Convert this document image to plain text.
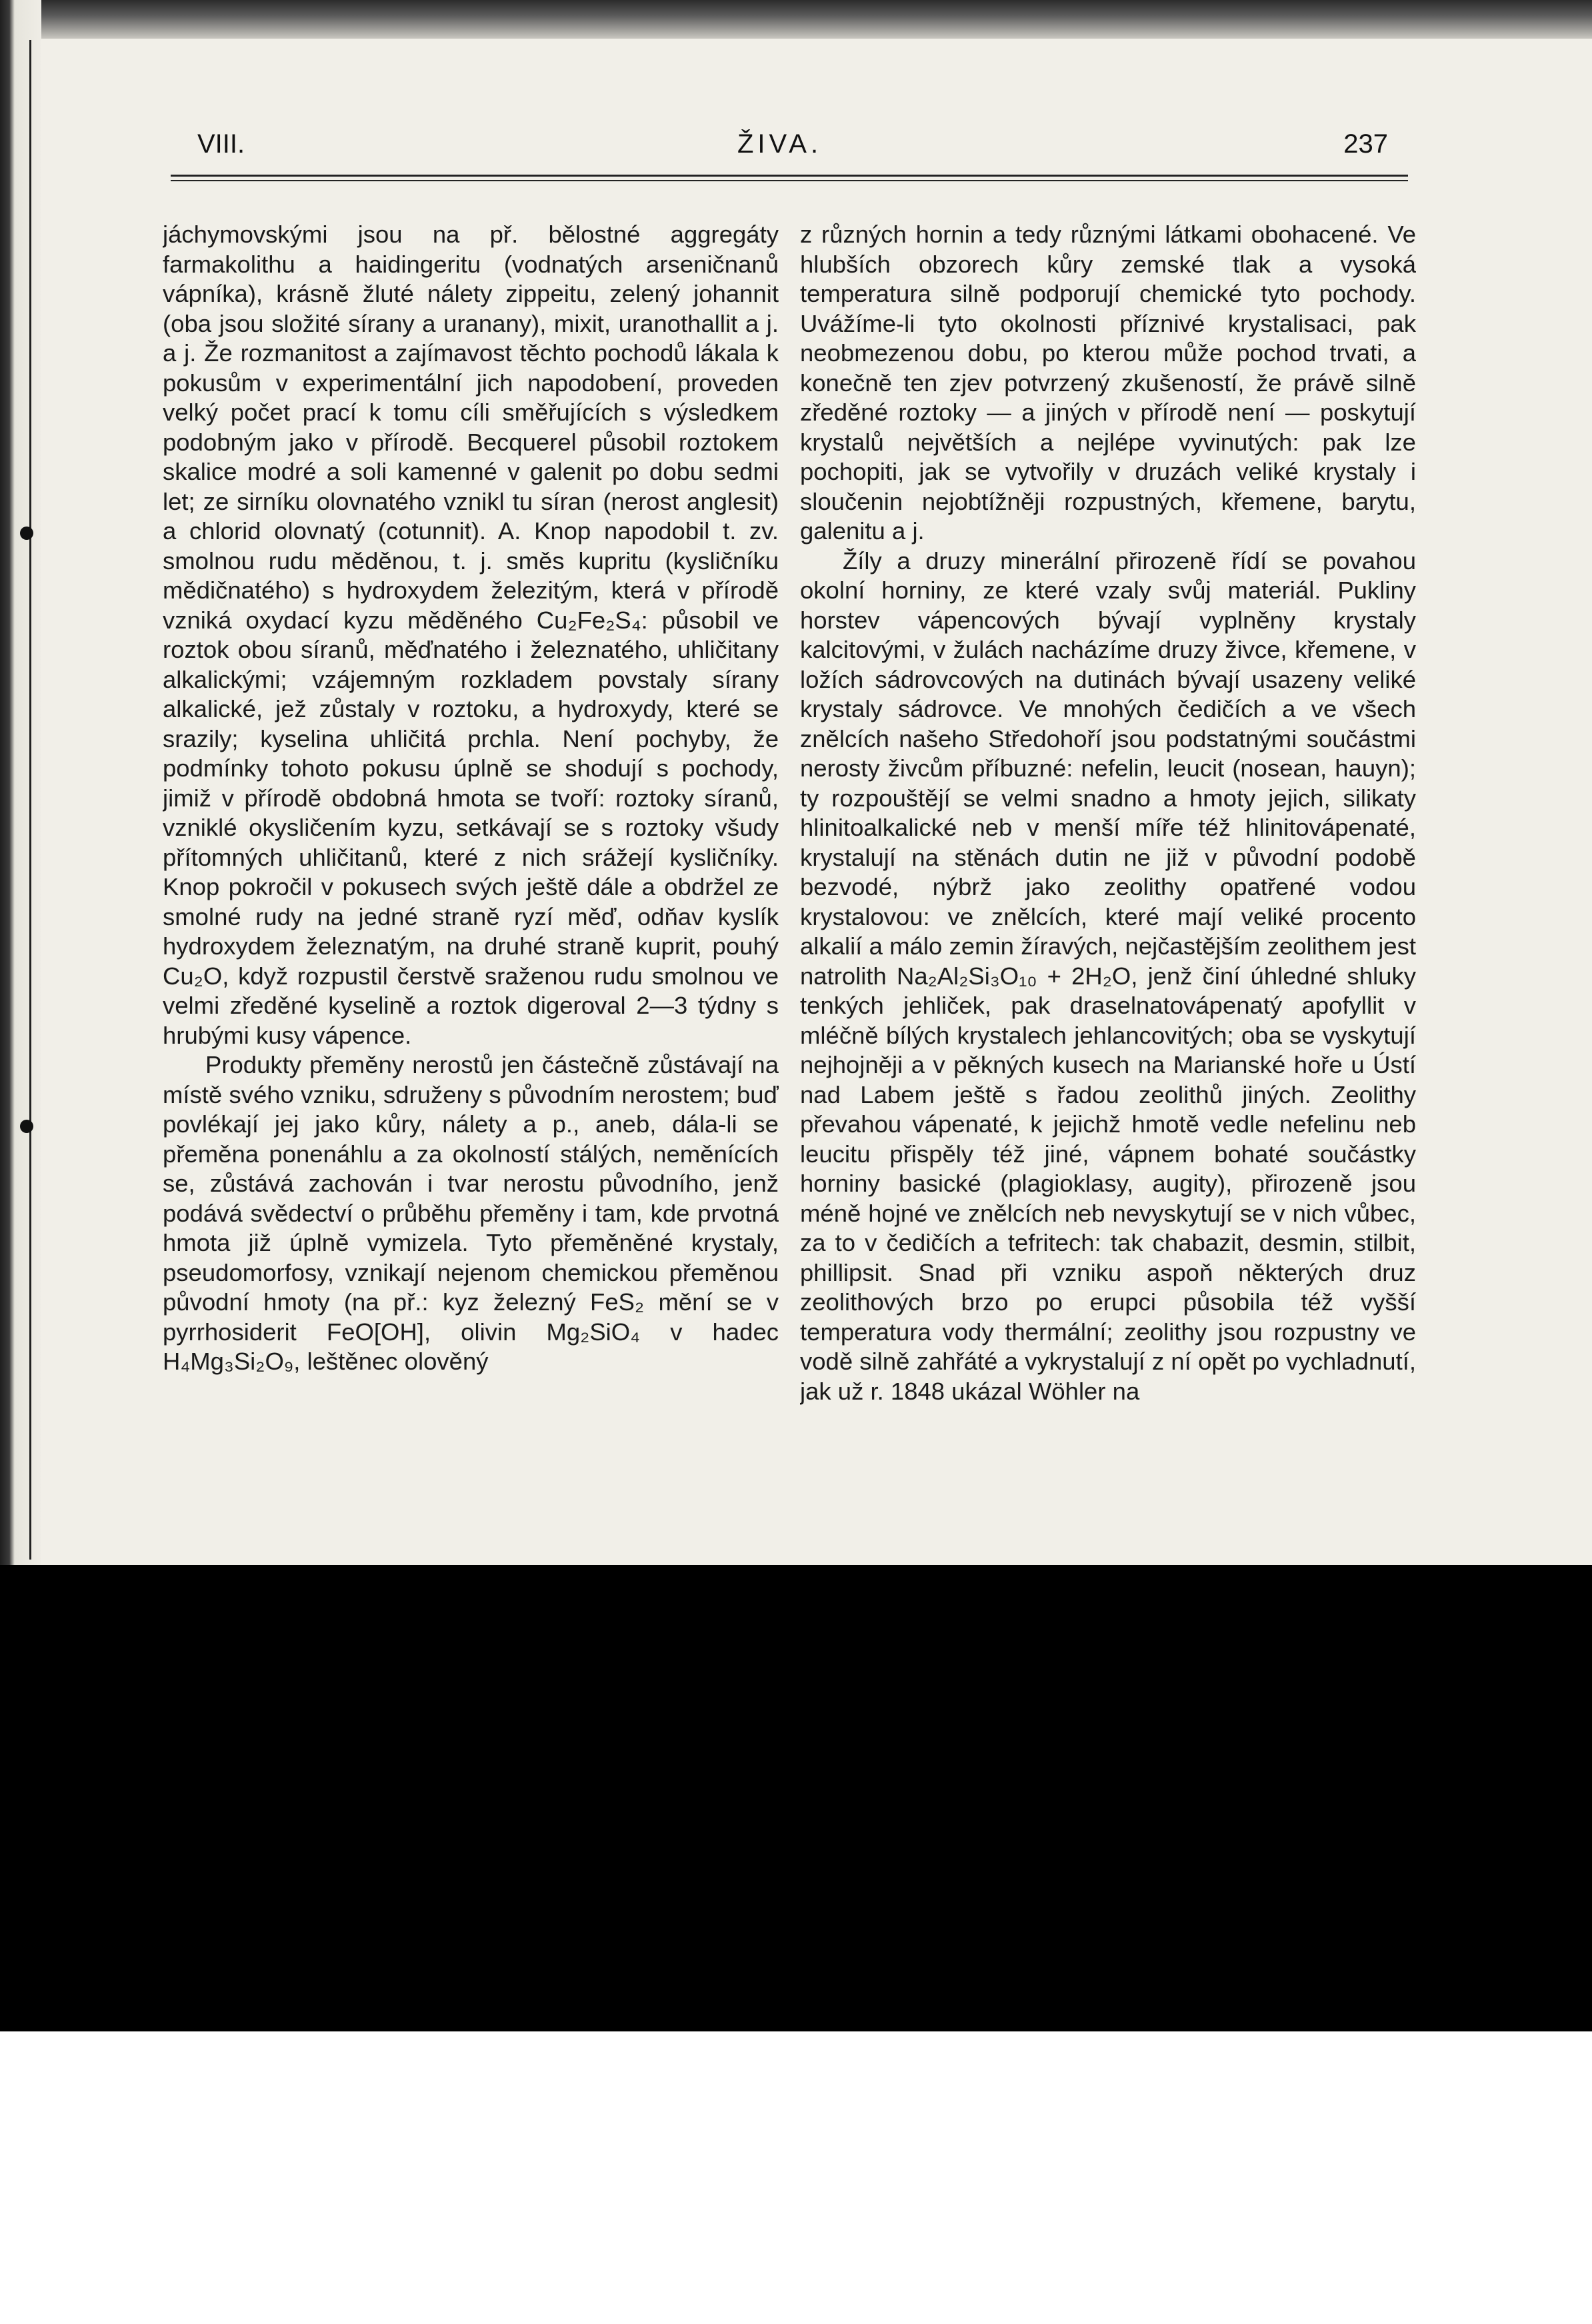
VIII.	ŽIVA.	237

jáchymovskými jsou na př. bělostné aggregáty farmakolithu a haidingeritu (vodnatých arseničnanů vápníka), krásně žluté nálety zippeitu, zelený johannit (oba jsou složité sírany a uranany), mixit, uranothallit a j. a j. Že rozmanitost a zajímavost těchto pochodů lákala k pokusům v experimentální jich napodobení, proveden velký počet prací k tomu cíli směřujících s výsledkem podobným jako v přírodě. Becquerel působil roztokem skalice modré a soli kamenné v galenit po dobu sedmi let; ze sirníku olovnatého vznikl tu síran (nerost anglesit) a chlorid olovnatý (cotunnit). A. Knop napodobil t. zv. smolnou rudu měděnou, t. j. směs kupritu (kysličníku mědičnatého) s hydroxydem železitým, která v přírodě vzniká oxydací kyzu měděného Cu₂Fe₂S₄: působil ve roztok obou síranů, měďnatého i železnatého, uhličitany alkalickými; vzájemným rozkladem povstaly sírany alkalické, jež zůstaly v roztoku, a hydroxydy, které se srazily; kyselina uhličitá prchla. Není pochyby, že podmínky tohoto pokusu úplně se shodují s pochody, jimiž v přírodě obdobná hmota se tvoří: roztoky síranů, vzniklé okysličením kyzu, setkávají se s roztoky všudy přítomných uhličitanů, které z nich srážejí kysličníky. Knop pokročil v pokusech svých ještě dále a obdržel ze smolné rudy na jedné straně ryzí měď, odňav kyslík hydroxydem železnatým, na druhé straně kuprit, pouhý Cu₂O, když rozpustil čerstvě sraženou rudu smolnou ve velmi zředěné kyselině a roztok digeroval 2—3 týdny s hrubými kusy vápence.

Produkty přeměny nerostů jen částečně zůstávají na místě svého vzniku, sdruženy s původním nerostem; buď povlékají jej jako kůry, nálety a p., aneb, dála-li se přeměna ponenáhlu a za okolností stálých, neměnících se, zůstává zachován i tvar nerostu původního, jenž podává svědectví o průběhu přeměny i tam, kde prvotná hmota již úplně vymizela. Tyto přeměněné krystaly, pseudomorfosy, vznikají nejenom chemickou přeměnou původní hmoty (na př.: kyz železný FeS₂ mění se v pyrrhosiderit FeO[OH], olivin Mg₂SiO₄ v hadec H₄Mg₃Si₂O₉, leštěnec olověný

z různých hornin a tedy různými látkami obohacené. Ve hlubších obzorech kůry zemské tlak a vysoká temperatura silně podporují chemické tyto pochody. Uvážíme-li tyto okolnosti příznivé krystalisaci, pak neobmezenou dobu, po kterou může pochod trvati, a konečně ten zjev potvrzený zkušeností, že právě silně zředěné roztoky — a jiných v přírodě není — poskytují krystalů největších a nejlépe vyvinutých: pak lze pochopiti, jak se vytvořily v druzách veliké krystaly i sloučenin nejobtížněji rozpustných, křemene, barytu, galenitu a j.

Žíly a druzy minerální přirozeně řídí se povahou okolní horniny, ze které vzaly svůj materiál. Pukliny horstev vápencových bývají vyplněny krystaly kalcitovými, v žulách nacházíme druzy živce, křemene, v ložích sádrovcových na dutinách bývají usazeny veliké krystaly sádrovce. Ve mnohých čedičích a ve všech znělcích našeho Středohoří jsou podstatnými součástmi nerosty živcům příbuzné: nefelin, leucit (nosean, hauyn); ty rozpouštějí se velmi snadno a hmoty jejich, silikaty hlinitoalkalické neb v menší míře též hlinitovápenaté, krystalují na stěnách dutin ne již v původní podobě bezvodé, nýbrž jako zeolithy opatřené vodou krystalovou: ve znělcích, které mají veliké procento alkalií a málo zemin žíravých, nejčastějším zeolithem jest natrolith Na₂Al₂Si₃O₁₀ + 2H₂O, jenž činí úhledné shluky tenkých jehliček, pak draselnatovápenatý apofyllit v mléčně bílých krystalech jehlancovitých; oba se vyskytují nejhojněji a v pěkných kusech na Marianské hoře u Ústí nad Labem ještě s řadou zeolithů jiných. Zeolithy převahou vápenaté, k jejichž hmotě vedle nefelinu neb leucitu přispěly též jiné, vápnem bohaté součástky horniny basické (plagioklasy, augity), přirozeně jsou méně hojné ve znělcích neb nevyskytují se v nich vůbec, za to v čedičích a tefritech: tak chabazit, desmin, stilbit, phillipsit. Snad při vzniku aspoň některých druz zeolithových brzo po erupci působila též vyšší temperatura vody thermální; zeolithy jsou rozpustny ve vodě silně zahřáté a vykrystalují z ní opět po vychladnutí, jak už r. 1848 ukázal Wöhler na
